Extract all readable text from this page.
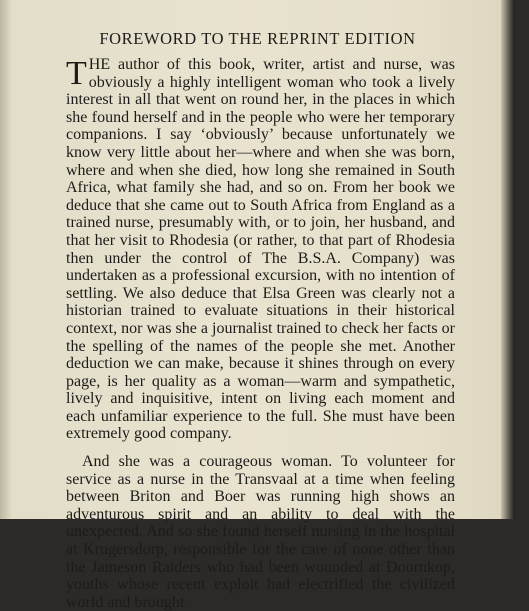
FOREWORD TO THE REPRINT EDITION

THE author of this book, writer, artist and nurse, was obviously a highly intelligent woman who took a lively interest in all that went on round her, in the places in which she found herself and in the people who were her temporary companions. I say ‘obviously’ because unfortunately we know very little about her—where and when she was born, where and when she died, how long she remained in South Africa, what family she had, and so on. From her book we deduce that she came out to South Africa from England as a trained nurse, presumably with, or to join, her husband, and that her visit to Rhodesia (or rather, to that part of Rhodesia then under the control of The B.S.A. Company) was undertaken as a professional excursion, with no intention of settling. We also deduce that Elsa Green was clearly not a historian trained to evaluate situations in their historical context, nor was she a journalist trained to check her facts or the spelling of the names of the people she met. Another deduction we can make, because it shines through on every page, is her quality as a woman—warm and sympathetic, lively and inquisitive, intent on living each moment and each unfamiliar experience to the full. She must have been extremely good company.

And she was a courageous woman. To volunteer for service as a nurse in the Transvaal at a time when feeling between Briton and Boer was running high shows an adventurous spirit and an ability to deal with the unexpected. And so she found herself nursing in the hospital at Krugersdorp, responsible for the care of none other than the Jameson Raiders who had been wounded at Doornkop, youths whose recent exploit had electrified the civilized world and brought
